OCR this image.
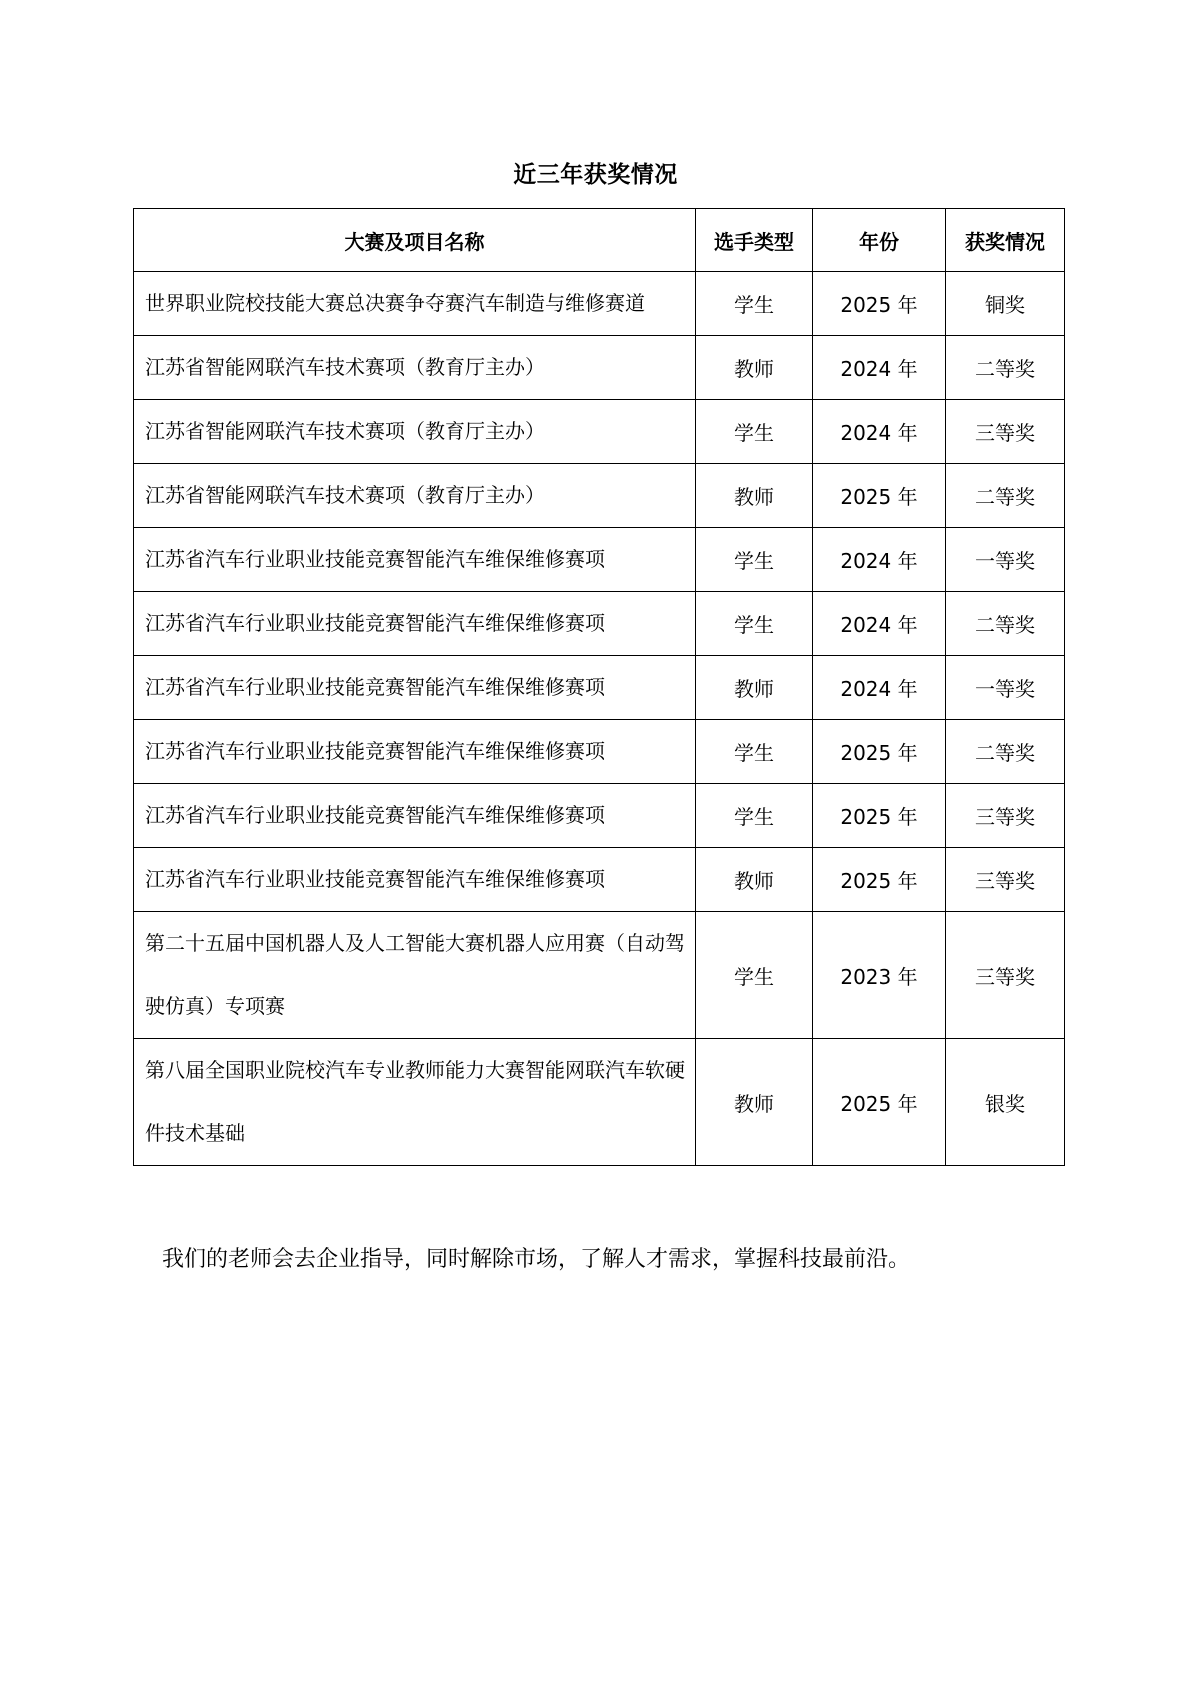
近三年获奖情况
大赛及项目名称	选手类型	年份	获奖情况
世界职业院校技能大赛总决赛争夺赛汽车制造与维修赛道	学生	2025 年	铜奖
江苏省智能网联汽车技术赛项（教育厅主办）	教师	2024 年	二等奖
江苏省智能网联汽车技术赛项（教育厅主办）	学生	2024 年	三等奖
江苏省智能网联汽车技术赛项（教育厅主办）	教师	2025 年	二等奖
江苏省汽车行业职业技能竞赛智能汽车维保维修赛项	学生	2024 年	一等奖
江苏省汽车行业职业技能竞赛智能汽车维保维修赛项	学生	2024 年	二等奖
江苏省汽车行业职业技能竞赛智能汽车维保维修赛项	教师	2024 年	一等奖
江苏省汽车行业职业技能竞赛智能汽车维保维修赛项	学生	2025 年	二等奖
江苏省汽车行业职业技能竞赛智能汽车维保维修赛项	学生	2025 年	三等奖
江苏省汽车行业职业技能竞赛智能汽车维保维修赛项	教师	2025 年	三等奖
第二十五届中国机器人及人工智能大赛机器人应用赛（自动驾驶仿真）专项赛	学生	2023 年	三等奖
第八届全国职业院校汽车专业教师能力大赛智能网联汽车软硬件技术基础	教师	2025 年	银奖
我们的老师会去企业指导，同时解除市场，了解人才需求，掌握科技最前沿。
